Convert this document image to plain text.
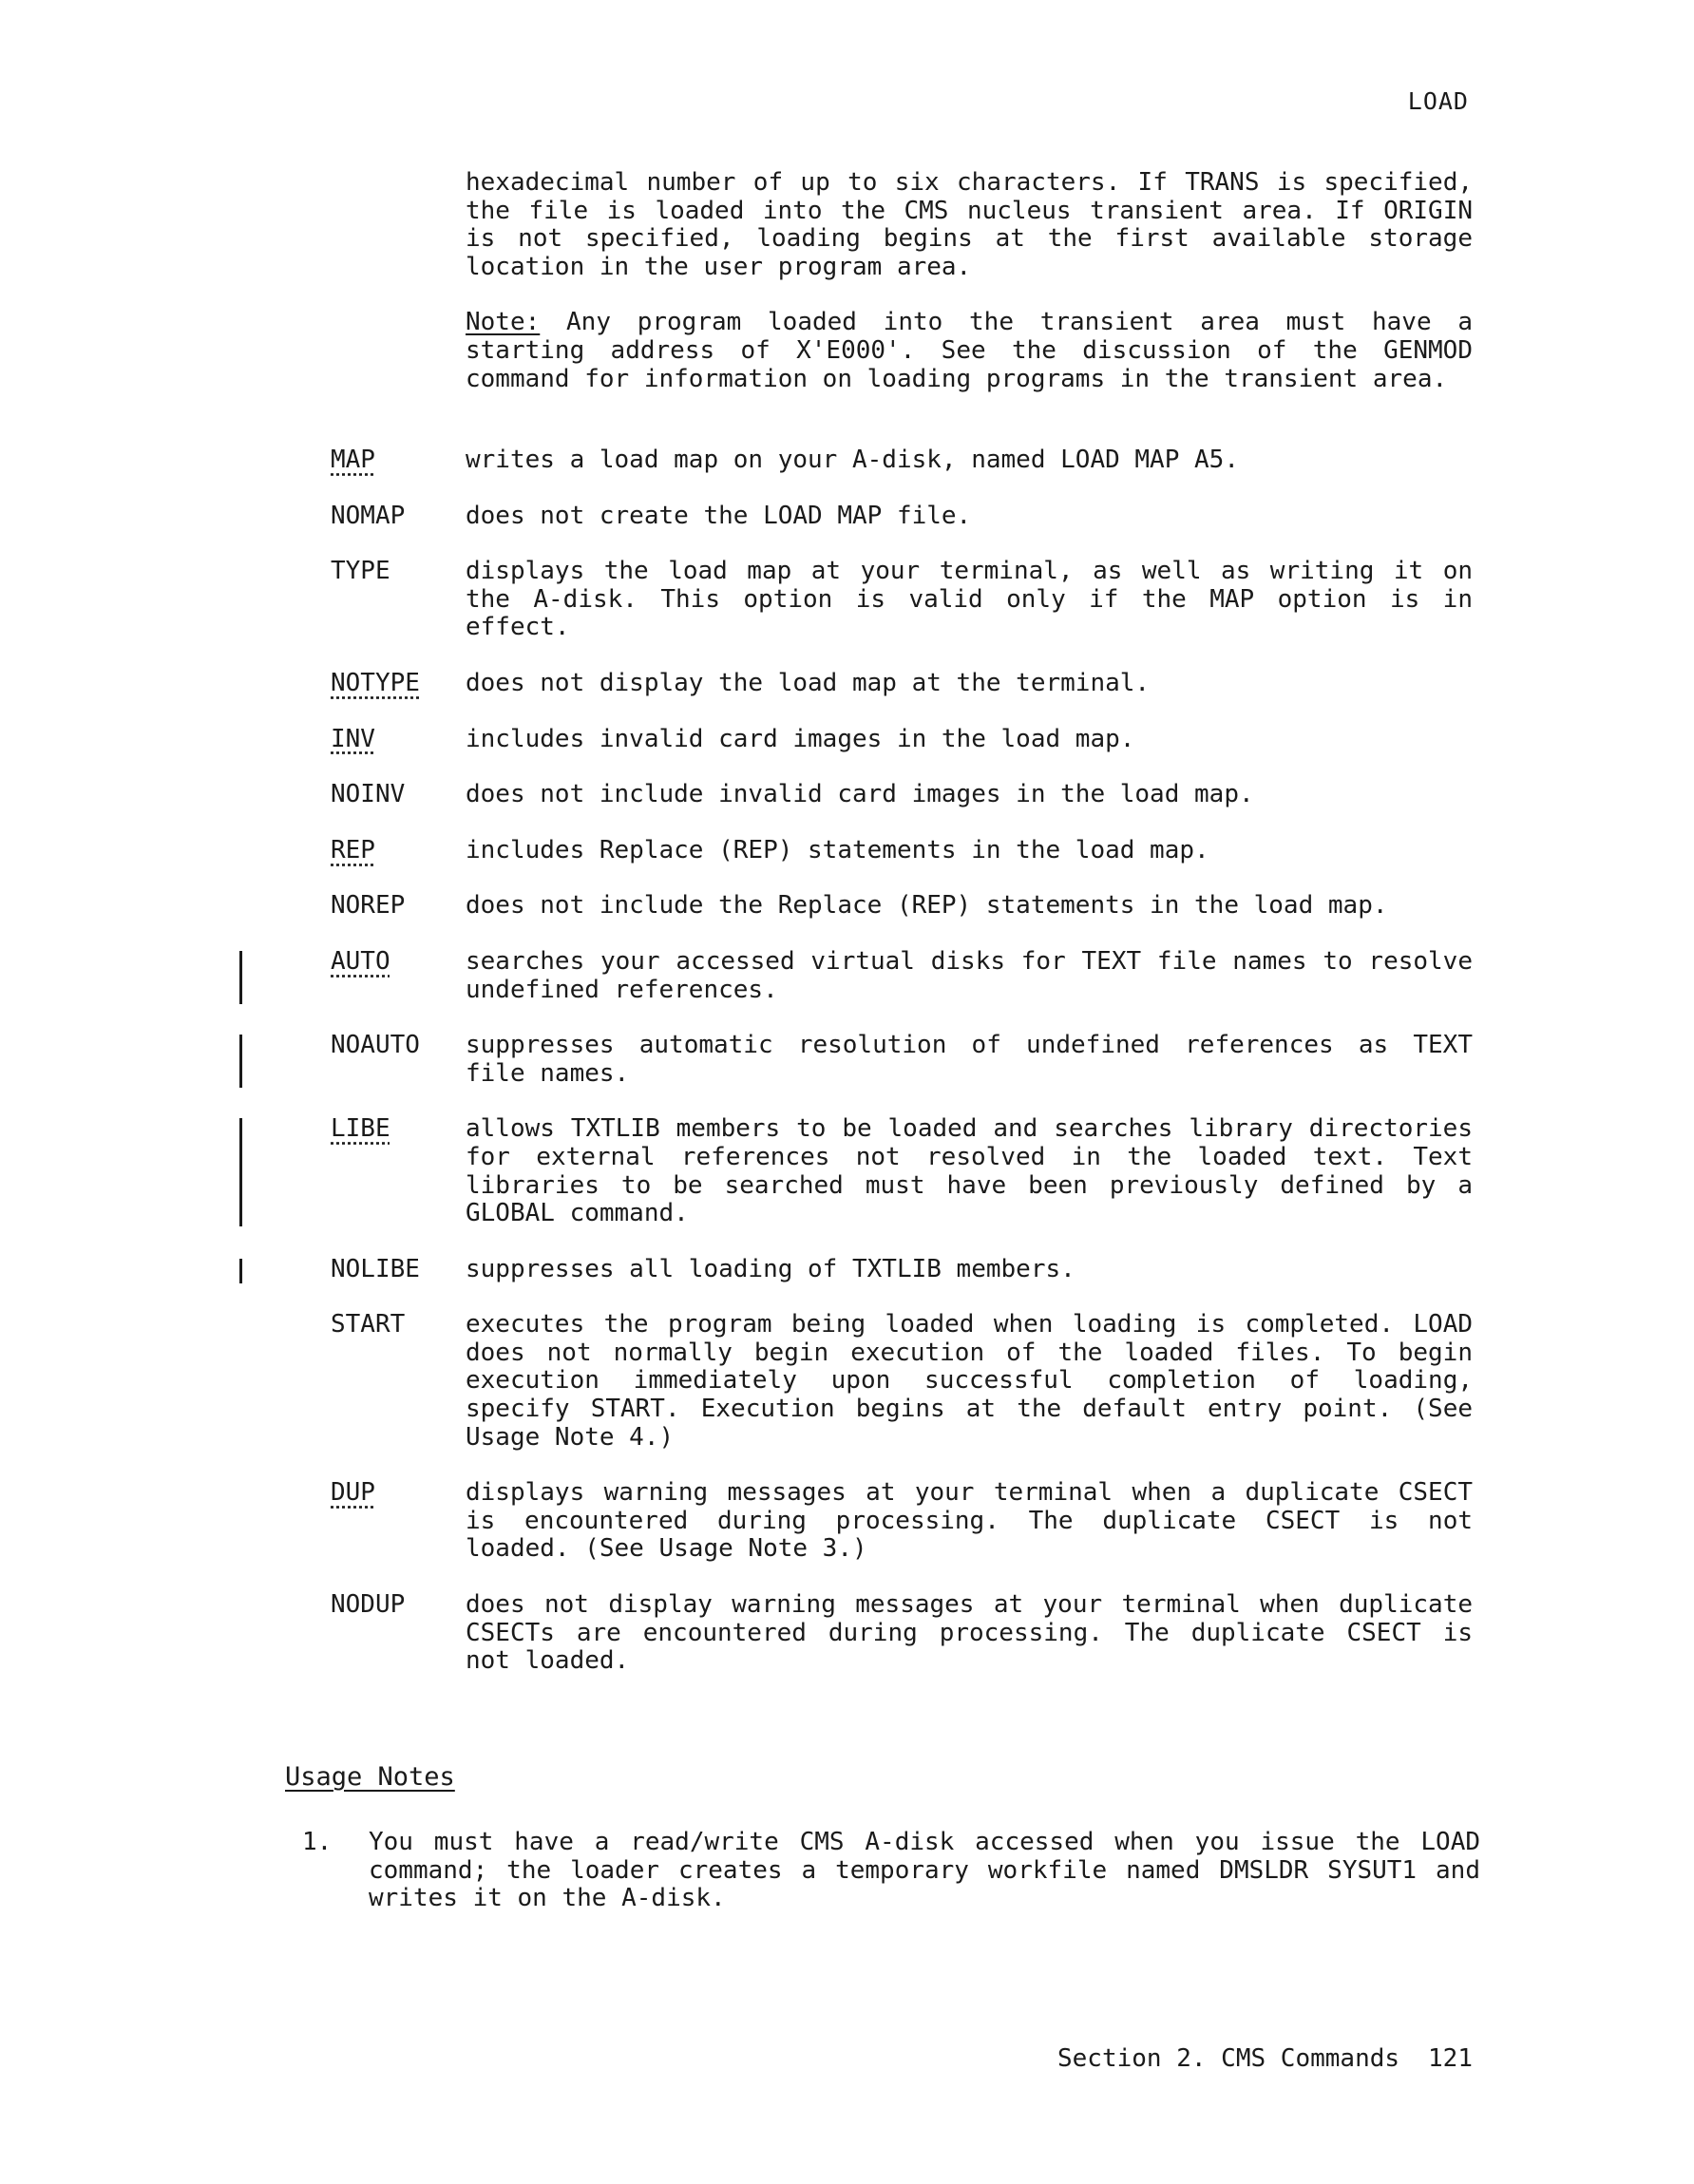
LOAD

hexadecimal number of up to six characters. If TRANS is specified, the file is loaded into the CMS nucleus transient area. If ORIGIN is not specified, loading begins at the first available storage location in the user program area.

Note: Any program loaded into the transient area must have a starting address of X'E000'. See the discussion of the GENMOD command for information on loading programs in the transient area.

MAP	writes a load map on your A-disk, named LOAD MAP A5.
NOMAP	does not create the LOAD MAP file.
TYPE	displays the load map at your terminal, as well as writing it on the A-disk. This option is valid only if the MAP option is in effect.
NOTYPE	does not display the load map at the terminal.
INV	includes invalid card images in the load map.
NOINV	does not include invalid card images in the load map.
REP	includes Replace (REP) statements in the load map.
NOREP	does not include the Replace (REP) statements in the load map.
AUTO	searches your accessed virtual disks for TEXT file names to resolve undefined references.
NOAUTO	suppresses automatic resolution of undefined references as TEXT file names.
LIBE	allows TXTLIB members to be loaded and searches library directories for external references not resolved in the loaded text. Text libraries to be searched must have been previously defined by a GLOBAL command.
NOLIBE	suppresses all loading of TXTLIB members.
START	executes the program being loaded when loading is completed. LOAD does not normally begin execution of the loaded files. To begin execution immediately upon successful completion of loading, specify START. Execution begins at the default entry point. (See Usage Note 4.)
DUP	displays warning messages at your terminal when a duplicate CSECT is encountered during processing. The duplicate CSECT is not loaded. (See Usage Note 3.)
NODUP	does not display warning messages at your terminal when duplicate CSECTs are encountered during processing. The duplicate CSECT is not loaded.
Usage Notes
1.	You must have a read/write CMS A-disk accessed when you issue the LOAD command; the loader creates a temporary workfile named DMSLDR SYSUT1 and writes it on the A-disk.
Section 2. CMS Commands 121
